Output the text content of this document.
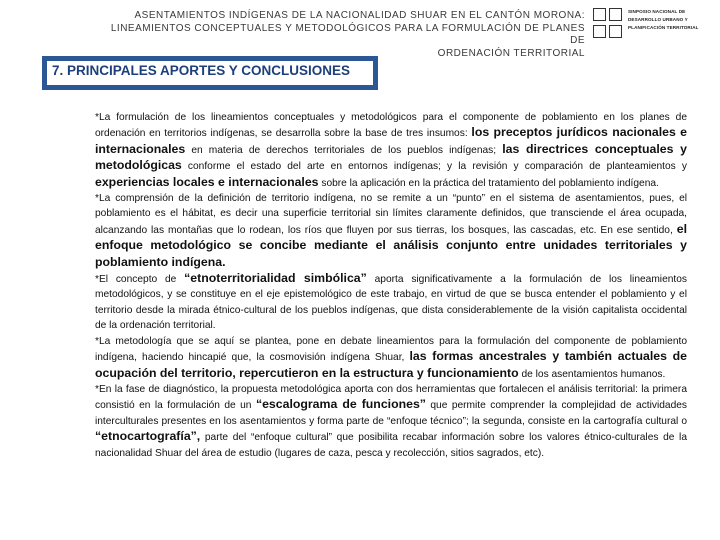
ASENTAMIENTOS INDÍGENAS DE LA NACIONALIDAD SHUAR EN EL CANTÓN MORONA:
LINEAMIENTOS CONCEPTUALES Y METODOLÓGICOS PARA LA FORMULACIÓN DE PLANES DE
ORDENACIÓN TERRITORIAL
SINPOSIO NACIONAL DE
DESARROLLO URBANO Y
PLANIFICACIÓN TERRITORIAL
7. PRINCIPALES APORTES Y CONCLUSIONES

*La formulación de los lineamientos conceptuales y metodológicos para el componente de poblamiento en los planes de ordenación en territorios indígenas, se desarrolla sobre la base de tres insumos: los preceptos jurídicos nacionales e internacionales en materia de derechos territoriales de los pueblos indígenas; las directrices conceptuales y metodológicas conforme el estado del arte en entornos indígenas; y la revisión y comparación de planteamientos y experiencias locales e internacionales sobre la aplicación en la práctica del tratamiento del poblamiento indígena.

*La comprensión de la definición de territorio indígena, no se remite a un “punto” en el sistema de asentamientos, pues, el poblamiento es el hábitat, es decir una superficie territorial sin límites claramente definidos, que transciende el área ocupada, alcanzando las montañas que lo rodean, los ríos que fluyen por sus tierras, los bosques, las cascadas, etc. En ese sentido, el enfoque metodológico se concibe mediante el análisis conjunto entre unidades territoriales y poblamiento indígena.

*El concepto de “etnoterritorialidad simbólica” aporta significativamente a la formulación de los lineamientos metodológicos, y se constituye en el eje epistemológico de este trabajo, en virtud de que se busca entender el poblamiento y el territorio desde la mirada étnico-cultural de los pueblos indígenas, que dista considerablemente de la visión capitalista occidental de la ordenación territorial.

*La metodología que se aquí se plantea, pone en debate lineamientos para la formulación del componente de poblamiento indígena, haciendo hincapié que, la cosmovisión indígena Shuar, las formas ancestrales y también actuales de ocupación del territorio, repercutieron en la estructura y funcionamiento de los asentamientos humanos.

*En la fase de diagnóstico, la propuesta metodológica aporta con dos herramientas que fortalecen el análisis territorial: la primera consistió en la formulación de un “escalograma de funciones” que permite comprender la complejidad de actividades interculturales presentes en los asentamientos y forma parte de “enfoque técnico”; la segunda, consiste en la cartografía cultural o “etnocartografía”, parte del “enfoque cultural” que posibilita recabar información sobre los valores étnico-culturales de la nacionalidad Shuar del área de estudio (lugares de caza, pesca y recolección, sitios sagrados, etc).
